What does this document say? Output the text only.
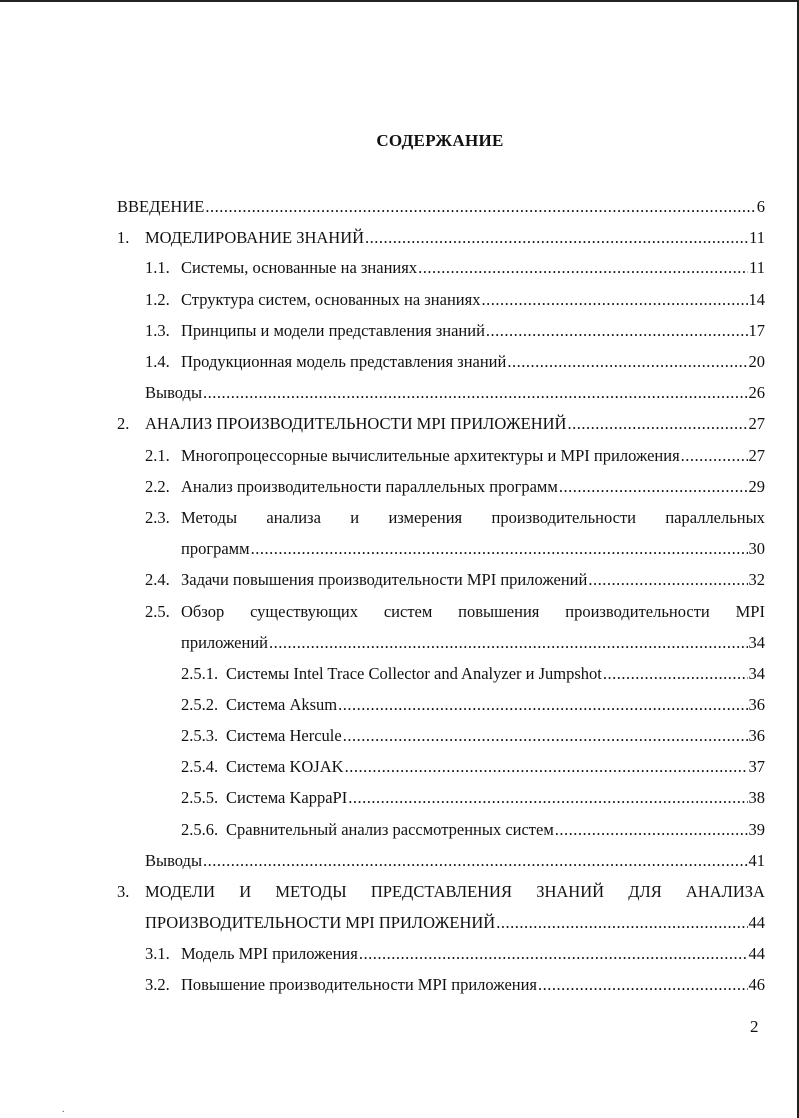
СОДЕРЖАНИЕ
ВВЕДЕНИЕ .....	6
1. МОДЕЛИРОВАНИЕ ЗНАНИЙ .....	11
1.1. Системы, основанные на знаниях .....	11
1.2. Структура систем, основанных на знаниях .....	14
1.3. Принципы и модели представления знаний .....	17
1.4. Продукционная модель представления знаний .....	20
Выводы .....	26
2. АНАЛИЗ ПРОИЗВОДИТЕЛЬНОСТИ MPI ПРИЛОЖЕНИЙ .....	27
2.1. Многопроцессорные вычислительные архитектуры и MPI приложения .....	27
2.2. Анализ производительности параллельных программ .....	29
2.3. Методы анализа и измерения производительности параллельных
программ .....	30
2.4. Задачи повышения производительности MPI приложений .....	32
2.5. Обзор существующих систем повышения производительности MPI
приложений .....	34
2.5.1. Системы Intel Trace Collector and Analyzer и Jumpshot .....	34
2.5.2. Система Aksum .....	36
2.5.3. Система Hercule .....	36
2.5.4. Система KOJAK .....	37
2.5.5. Система KappaPI .....	38
2.5.6. Сравнительный анализ рассмотренных систем .....	39
Выводы .....	41
3. МОДЕЛИ И МЕТОДЫ ПРЕДСТАВЛЕНИЯ ЗНАНИЙ ДЛЯ АНАЛИЗА
ПРОИЗВОДИТЕЛЬНОСТИ MPI ПРИЛОЖЕНИЙ .....	44
3.1. Модель MPI приложения .....	44
3.2. Повышение производительности MPI приложения .....	46
2
.
